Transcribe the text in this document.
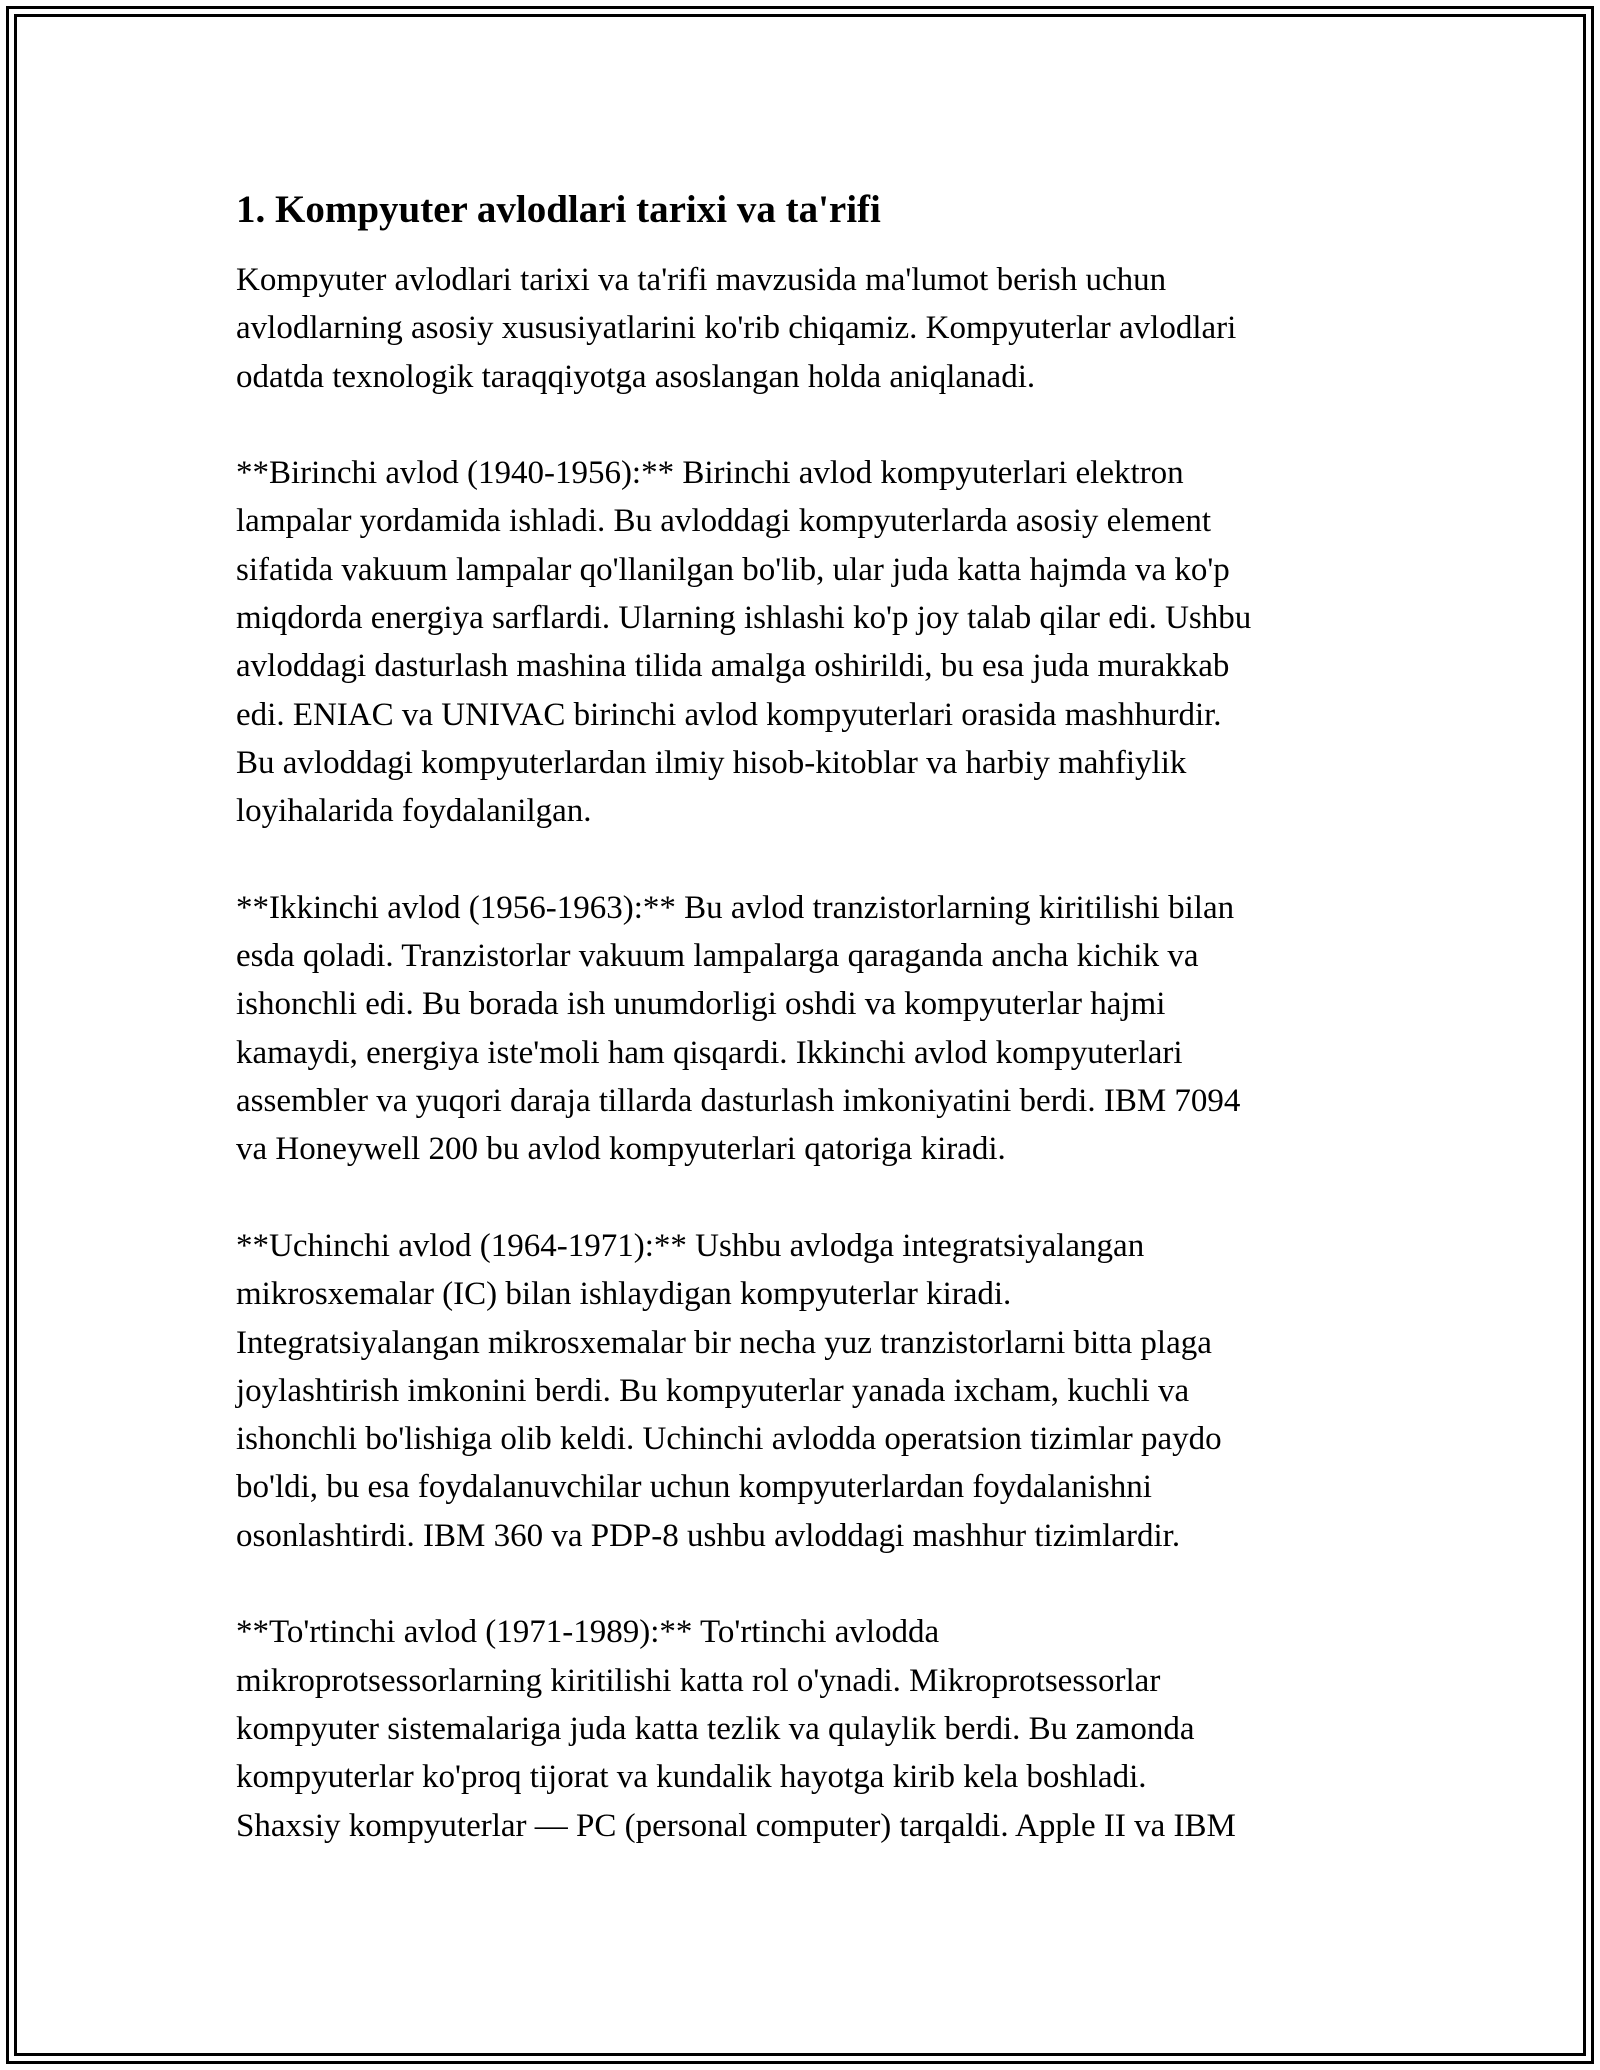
1. Kompyuter avlodlari tarixi va ta'rifi
Kompyuter avlodlari tarixi va ta'rifi mavzusida ma'lumot berish uchun
avlodlarning asosiy xususiyatlarini ko'rib chiqamiz. Kompyuterlar avlodlari
odatda texnologik taraqqiyotga asoslangan holda aniqlanadi.
**Birinchi avlod (1940-1956):** Birinchi avlod kompyuterlari elektron
lampalar yordamida ishladi. Bu avloddagi kompyuterlarda asosiy element
sifatida vakuum lampalar qo'llanilgan bo'lib, ular juda katta hajmda va ko'p
miqdorda energiya sarflardi. Ularning ishlashi ko'p joy talab qilar edi. Ushbu
avloddagi dasturlash mashina tilida amalga oshirildi, bu esa juda murakkab
edi. ENIAC va UNIVAC birinchi avlod kompyuterlari orasida mashhurdir.
Bu avloddagi kompyuterlardan ilmiy hisob-kitoblar va harbiy mahfiylik
loyihalarida foydalanilgan.
**Ikkinchi avlod (1956-1963):** Bu avlod tranzistorlarning kiritilishi bilan
esda qoladi. Tranzistorlar vakuum lampalarga qaraganda ancha kichik va
ishonchli edi. Bu borada ish unumdorligi oshdi va kompyuterlar hajmi
kamaydi, energiya iste'moli ham qisqardi. Ikkinchi avlod kompyuterlari
assembler va yuqori daraja tillarda dasturlash imkoniyatini berdi. IBM 7094
va Honeywell 200 bu avlod kompyuterlari qatoriga kiradi.
**Uchinchi avlod (1964-1971):** Ushbu avlodga integratsiyalangan
mikrosxemalar (IC) bilan ishlaydigan kompyuterlar kiradi.
Integratsiyalangan mikrosxemalar bir necha yuz tranzistorlarni bitta plaga
joylashtirish imkonini berdi. Bu kompyuterlar yanada ixcham, kuchli va
ishonchli bo'lishiga olib keldi. Uchinchi avlodda operatsion tizimlar paydo
bo'ldi, bu esa foydalanuvchilar uchun kompyuterlardan foydalanishni
osonlashtirdi. IBM 360 va PDP-8 ushbu avloddagi mashhur tizimlardir.
**To'rtinchi avlod (1971-1989):** To'rtinchi avlodda
mikroprotsessorlarning kiritilishi katta rol o'ynadi. Mikroprotsessorlar
kompyuter sistemalariga juda katta tezlik va qulaylik berdi. Bu zamonda
kompyuterlar ko'proq tijorat va kundalik hayotga kirib kela boshladi.
Shaxsiy kompyuterlar — PC (personal computer) tarqaldi. Apple II va IBM
